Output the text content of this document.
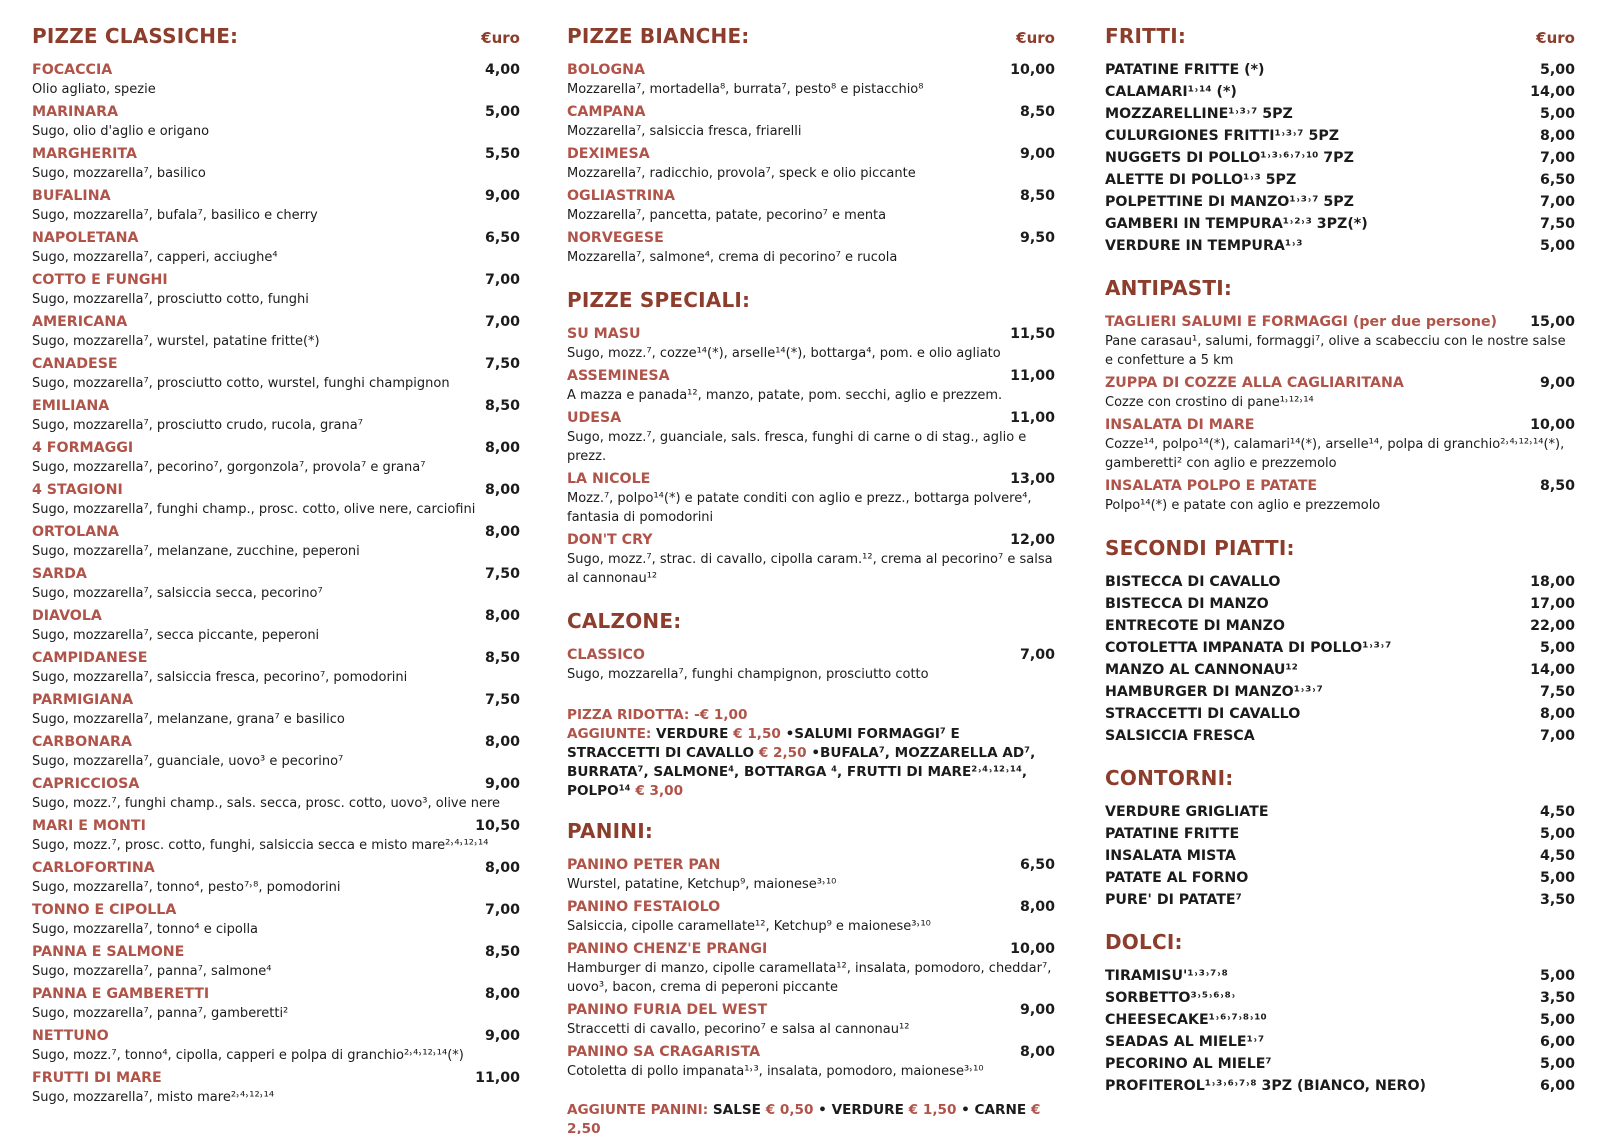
PIZZE CLASSICHE:	€uro
FOCACCIA	4,00
Olio agliato, spezie
MARINARA	5,00
Sugo, olio d'aglio e origano
MARGHERITA	5,50
Sugo, mozzarella⁷, basilico
BUFALINA	9,00
Sugo, mozzarella⁷, bufala⁷, basilico e cherry
NAPOLETANA	6,50
Sugo, mozzarella⁷, capperi, acciughe⁴
COTTO E FUNGHI	7,00
Sugo, mozzarella⁷, prosciutto cotto, funghi
AMERICANA	7,00
Sugo, mozzarella⁷, wurstel, patatine fritte(*)
CANADESE	7,50
Sugo, mozzarella⁷, prosciutto cotto, wurstel, funghi champignon
EMILIANA	8,50
Sugo, mozzarella⁷, prosciutto crudo, rucola, grana⁷
4 FORMAGGI	8,00
Sugo, mozzarella⁷, pecorino⁷, gorgonzola⁷, provola⁷ e grana⁷
4 STAGIONI	8,00
Sugo, mozzarella⁷, funghi champ., prosc. cotto, olive nere, carciofini
ORTOLANA	8,00
Sugo, mozzarella⁷, melanzane, zucchine, peperoni
SARDA	7,50
Sugo, mozzarella⁷, salsiccia secca, pecorino⁷
DIAVOLA	8,00
Sugo, mozzarella⁷, secca piccante, peperoni
CAMPIDANESE	8,50
Sugo, mozzarella⁷, salsiccia fresca, pecorino⁷, pomodorini
PARMIGIANA	7,50
Sugo, mozzarella⁷, melanzane, grana⁷ e basilico
CARBONARA	8,00
Sugo, mozzarella⁷, guanciale, uovo³ e pecorino⁷
CAPRICCIOSA	9,00
Sugo, mozz.⁷, funghi champ., sals. secca, prosc. cotto, uovo³, olive nere
MARI E MONTI	10,50
Sugo, mozz.⁷, prosc. cotto, funghi, salsiccia secca e misto mare²˒⁴˒¹²˒¹⁴
CARLOFORTINA	8,00
Sugo, mozzarella⁷, tonno⁴, pesto⁷˒⁸, pomodorini
TONNO E CIPOLLA	7,00
Sugo, mozzarella⁷, tonno⁴ e cipolla
PANNA E SALMONE	8,50
Sugo, mozzarella⁷, panna⁷, salmone⁴
PANNA E GAMBERETTI	8,00
Sugo, mozzarella⁷, panna⁷, gamberetti²
NETTUNO	9,00
Sugo, mozz.⁷, tonno⁴, cipolla, capperi e polpa di granchio²˒⁴˒¹²˒¹⁴(*)
FRUTTI DI MARE	11,00
Sugo, mozzarella⁷, misto mare²˒⁴˒¹²˒¹⁴
PIZZE BIANCHE:	€uro
BOLOGNA	10,00
Mozzarella⁷, mortadella⁸, burrata⁷, pesto⁸ e pistacchio⁸
CAMPANA	8,50
Mozzarella⁷, salsiccia fresca, friarelli
DEXIMESA	9,00
Mozzarella⁷, radicchio, provola⁷, speck e olio piccante
OGLIASTRINA	8,50
Mozzarella⁷, pancetta, patate, pecorino⁷ e menta
NORVEGESE	9,50
Mozzarella⁷, salmone⁴, crema di pecorino⁷ e rucola
PIZZE SPECIALI:
SU MASU	11,50
Sugo, mozz.⁷, cozze¹⁴(*), arselle¹⁴(*), bottarga⁴, pom. e olio agliato
ASSEMINESA	11,00
A mazza e panada¹², manzo, patate, pom. secchi, aglio e prezzem.
UDESA	11,00
Sugo, mozz.⁷, guanciale, sals. fresca, funghi di carne o di stag., aglio e prezz.
LA NICOLE	13,00
Mozz.⁷, polpo¹⁴(*) e patate conditi con aglio e prezz., bottarga polvere⁴, fantasia di pomodorini
DON'T CRY	12,00
Sugo, mozz.⁷, strac. di cavallo, cipolla caram.¹², crema al pecorino⁷ e salsa al cannonau¹²
CALZONE:
CLASSICO	7,00
Sugo, mozzarella⁷, funghi champignon, prosciutto cotto
PIZZA RIDOTTA: -€ 1,00
AGGIUNTE: VERDURE € 1,50 •SALUMI FORMAGGI⁷ E STRACCETTI DI CAVALLO € 2,50 •BUFALA⁷, MOZZARELLA AD⁷, BURRATA⁷, SALMONE⁴, BOTTARGA ⁴, FRUTTI DI MARE²˒⁴˒¹²˒¹⁴, POLPO¹⁴ € 3,00
PANINI:
PANINO PETER PAN	6,50
Wurstel, patatine, Ketchup⁹, maionese³˒¹⁰
PANINO FESTAIOLO	8,00
Salsiccia, cipolle caramellate¹², Ketchup⁹ e maionese³˒¹⁰
PANINO CHENZ'E PRANGI	10,00
Hamburger di manzo, cipolle caramellata¹², insalata, pomodoro, cheddar⁷, uovo³, bacon, crema di peperoni piccante
PANINO FURIA DEL WEST	9,00
Straccetti di cavallo, pecorino⁷ e salsa al cannonau¹²
PANINO SA CRAGARISTA	8,00
Cotoletta di pollo impanata¹˒³, insalata, pomodoro, maionese³˒¹⁰
AGGIUNTE PANINI: SALSE € 0,50 • VERDURE € 1,50 • CARNE € 2,50
FRITTI:	€uro
PATATINE FRITTE (*)	5,00
CALAMARI¹˒¹⁴ (*)	14,00
MOZZARELLINE¹˒³˒⁷ 5PZ	5,00
CULURGIONES FRITTI¹˒³˒⁷ 5PZ	8,00
NUGGETS DI POLLO¹˒³˒⁶˒⁷˒¹⁰ 7PZ	7,00
ALETTE DI POLLO¹˒³ 5PZ	6,50
POLPETTINE DI MANZO¹˒³˒⁷ 5PZ	7,00
GAMBERI IN TEMPURA¹˒²˒³ 3PZ(*)	7,50
VERDURE IN TEMPURA¹˒³	5,00
ANTIPASTI:
TAGLIERI SALUMI E FORMAGGI (per due persone) 15,00
Pane carasau¹, salumi, formaggi⁷, olive a scabecciu con le nostre salse e confetture a 5 km
ZUPPA DI COZZE ALLA CAGLIARITANA	9,00
Cozze con crostino di pane¹˒¹²˒¹⁴
INSALATA DI MARE	10,00
Cozze¹⁴, polpo¹⁴(*), calamari¹⁴(*), arselle¹⁴, polpa di granchio²˒⁴˒¹²˒¹⁴(*), gamberetti² con aglio e prezzemolo
INSALATA POLPO E PATATE	8,50
Polpo¹⁴(*) e patate con aglio e prezzemolo
SECONDI PIATTI:
BISTECCA DI CAVALLO	18,00
BISTECCA DI MANZO	17,00
ENTRECOTE DI MANZO	22,00
COTOLETTA IMPANATA DI POLLO¹˒³˒⁷	5,00
MANZO AL CANNONAU¹²	14,00
HAMBURGER DI MANZO¹˒³˒⁷	7,50
STRACCETTI DI CAVALLO	8,00
SALSICCIA FRESCA	7,00
CONTORNI:
VERDURE GRIGLIATE	4,50
PATATINE FRITTE	5,00
INSALATA MISTA	4,50
PATATE AL FORNO	5,00
PURE' DI PATATE⁷	3,50
DOLCI:
TIRAMISU'¹˒³˒⁷˒⁸	5,00
SORBETTO³˒⁵˒⁶˒⁸˒	3,50
CHEESECAKE¹˒⁶˒⁷˒⁸˒¹⁰	5,00
SEADAS AL MIELE¹˒⁷	6,00
PECORINO AL MIELE⁷	5,00
PROFITEROL¹˒³˒⁶˒⁷˒⁸ 3PZ (BIANCO, NERO)	6,00
